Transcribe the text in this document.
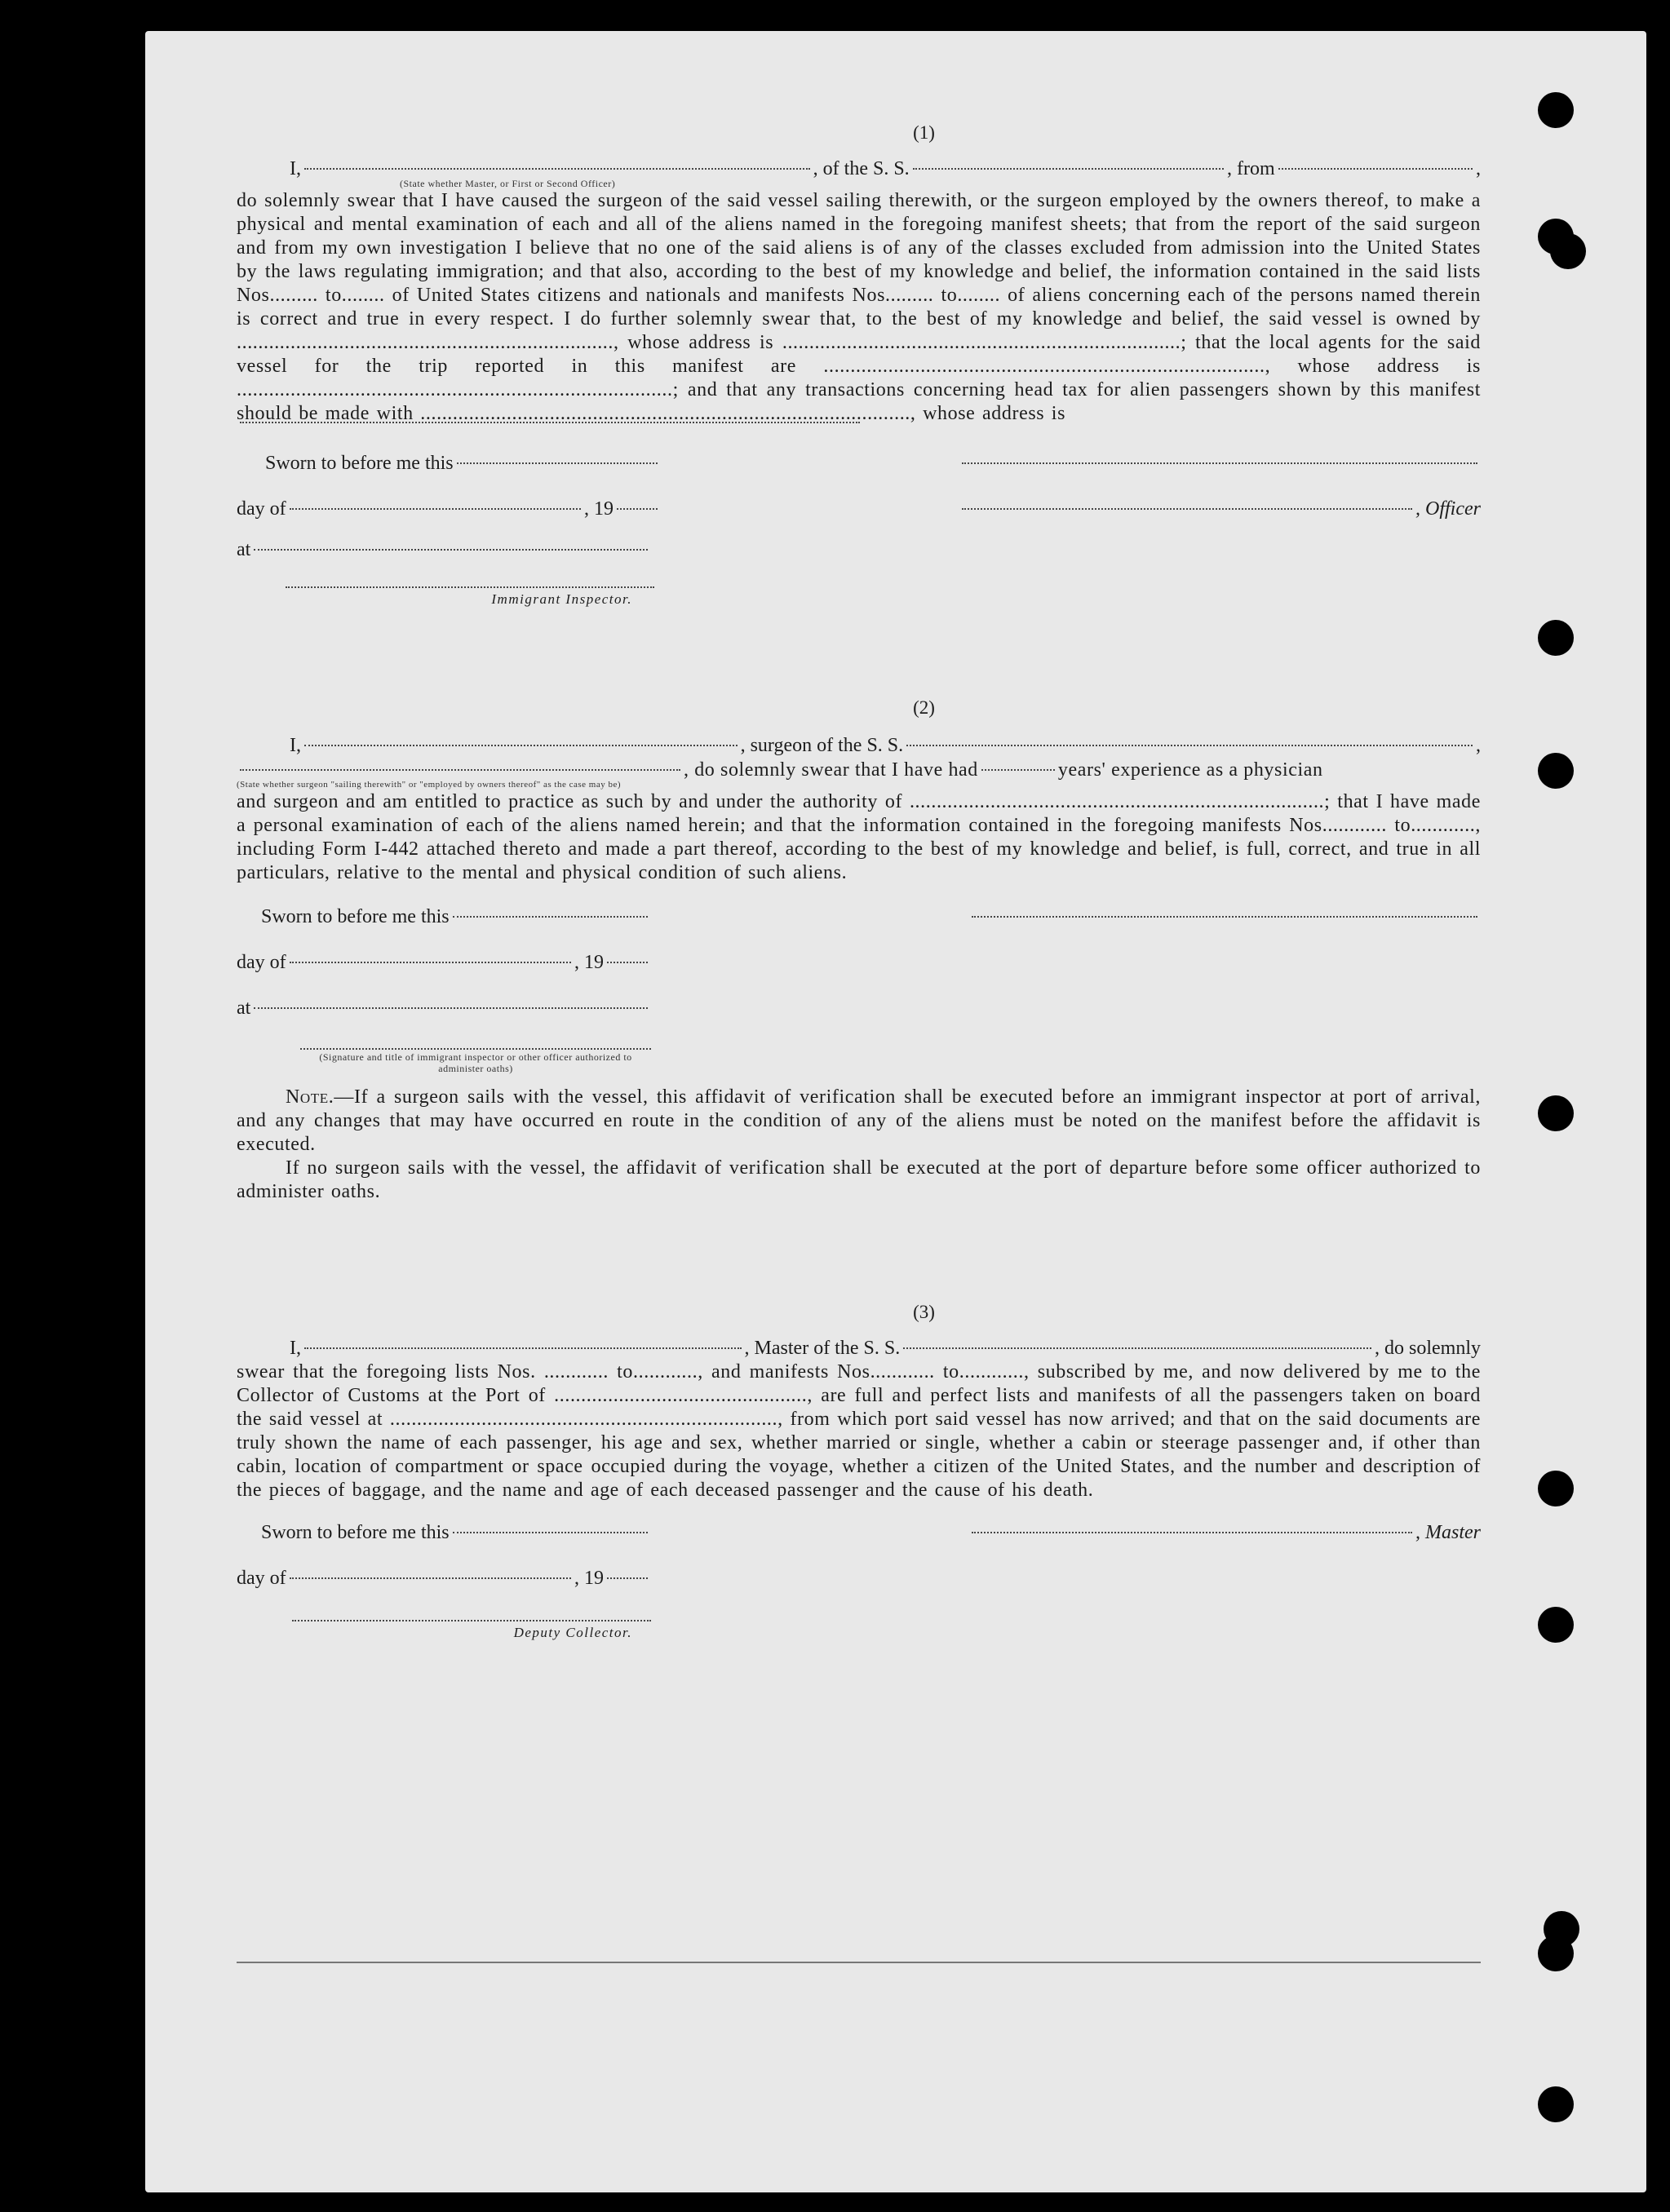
(1)
I,	, of the S. S.	, from	,
(State whether Master, or First or Second Officer)
do solemnly swear that I have caused the surgeon of the said vessel sailing therewith, or the surgeon employed by the owners thereof, to make a physical and mental examination of each and all of the aliens named in the foregoing manifest sheets; that from the report of the said surgeon and from my own investigation I believe that no one of the said aliens is of any of the classes excluded from admission into the United States by the laws regulating immigration; and that also, according to the best of my knowledge and belief, the information contained in the said lists Nos......... to........ of United States citizens and nationals and manifests Nos......... to........ of aliens concerning each of the persons named therein is correct and true in every respect. I do further solemnly swear that, to the best of my knowledge and belief, the said vessel is owned by ......................................................................, whose address is ..........................................................................; that the local agents for the said vessel for the trip reported in this manifest are .................................................................................., whose address is .................................................................................; and that any transactions concerning head tax for alien passengers shown by this manifest should be made with ..........................................................................................., whose address is
Sworn to before me this
day of	, 19	, Officer
at
Immigrant Inspector.
(2)
I,	, surgeon of the S. S.	,
, do solemnly swear that I have had	years' experience as a physician
(State whether surgeon "sailing therewith" or "employed by owners thereof" as the case may be)
and surgeon and am entitled to practice as such by and under the authority of .............................................................................; that I have made a personal examination of each of the aliens named herein; and that the information contained in the foregoing manifests Nos............ to............, including Form I-442 attached thereto and made a part thereof, according to the best of my knowledge and belief, is full, correct, and true in all particulars, relative to the mental and physical condition of such aliens.
Sworn to before me this
day of	, 19
at
(Signature and title of immigrant inspector or other officer authorized to administer oaths)
Note.—If a surgeon sails with the vessel, this affidavit of verification shall be executed before an immigrant inspector at port of arrival, and any changes that may have occurred en route in the condition of any of the aliens must be noted on the manifest before the affidavit is executed.
If no surgeon sails with the vessel, the affidavit of verification shall be executed at the port of departure before some officer authorized to administer oaths.
(3)
I,	, Master of the S. S.	, do solemnly
swear that the foregoing lists Nos. ............ to............, and manifests Nos............ to............, subscribed by me, and now delivered by me to the Collector of Customs at the Port of ..............................................., are full and perfect lists and manifests of all the passengers taken on board the said vessel at ........................................................................, from which port said vessel has now arrived; and that on the said documents are truly shown the name of each passenger, his age and sex, whether married or single, whether a cabin or steerage passenger and, if other than cabin, location of compartment or space occupied during the voyage, whether a citizen of the United States, and the number and description of the pieces of baggage, and the name and age of each deceased passenger and the cause of his death.
Sworn to before me this	, Master
day of	, 19
Deputy Collector.
